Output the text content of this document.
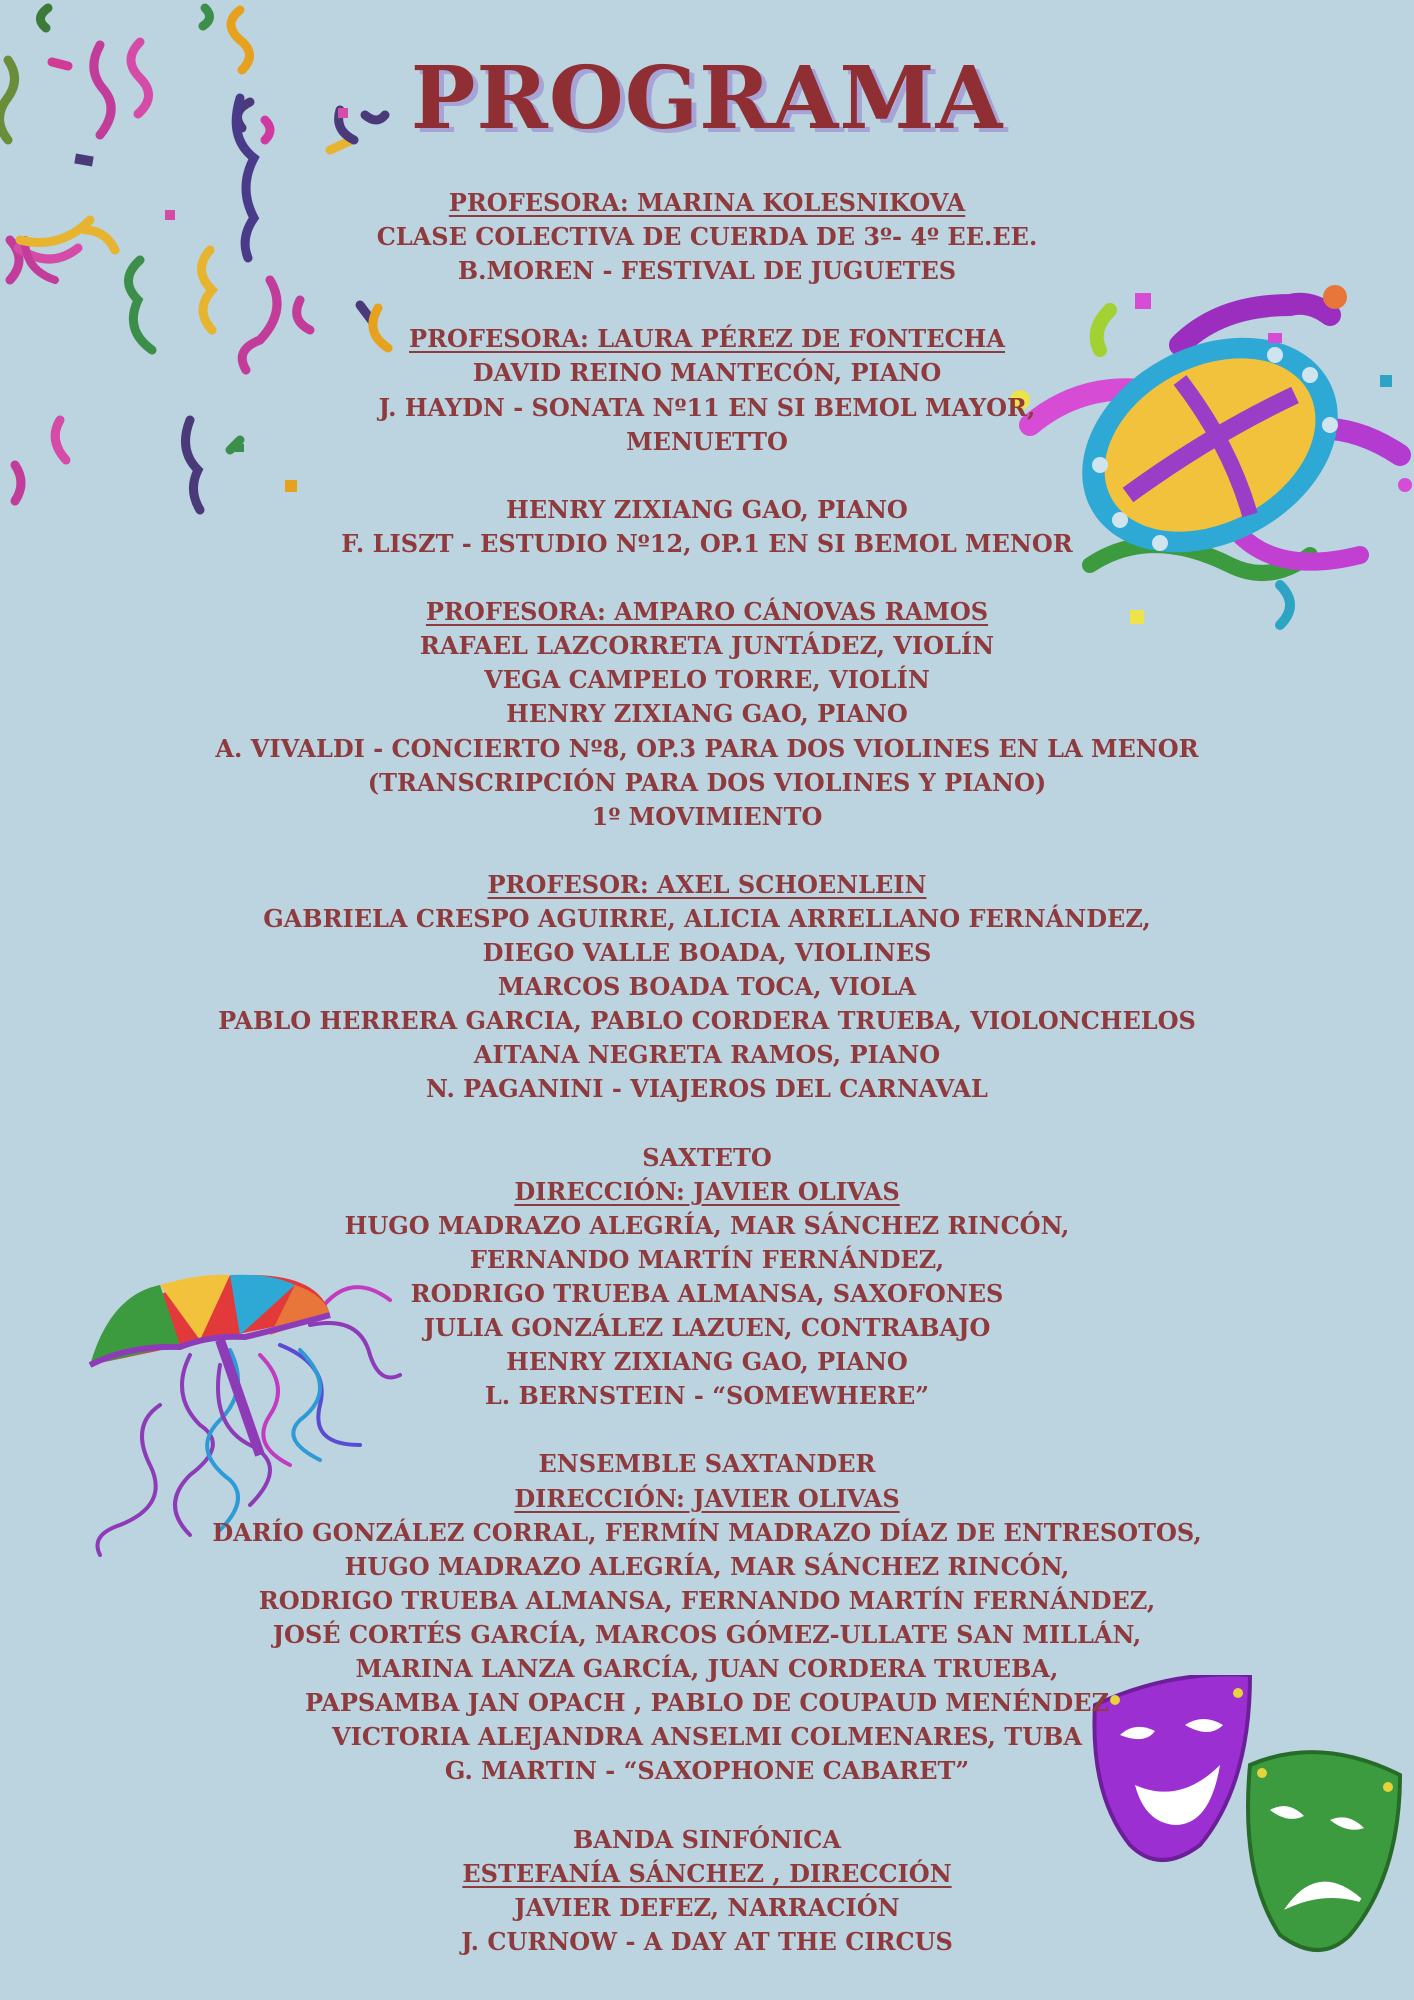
PROGRAMA
PROFESORA: MARINA KOLESNIKOVA
CLASE COLECTIVA DE CUERDA DE 3º- 4º EE.EE.
B.MOREN - FESTIVAL DE JUGUETES
PROFESORA: LAURA PÉREZ DE FONTECHA
DAVID REINO MANTECÓN, PIANO
J. HAYDN - SONATA Nº11 EN SI BEMOL MAYOR,
MENUETTO
HENRY ZIXIANG GAO, PIANO
F. LISZT - ESTUDIO Nº12, OP.1 EN SI BEMOL MENOR
PROFESORA: AMPARO CÁNOVAS RAMOS
RAFAEL LAZCORRETA JUNTÁDEZ, VIOLÍN
VEGA CAMPELO TORRE, VIOLÍN
HENRY ZIXIANG GAO, PIANO
A. VIVALDI - CONCIERTO Nº8, OP.3 PARA DOS VIOLINES EN LA MENOR
(TRANSCRIPCIÓN PARA DOS VIOLINES Y PIANO)
1º MOVIMIENTO
PROFESOR: AXEL SCHOENLEIN
GABRIELA CRESPO AGUIRRE, ALICIA ARRELLANO FERNÁNDEZ,
DIEGO VALLE BOADA, VIOLINES
MARCOS BOADA TOCA, VIOLA
PABLO HERRERA GARCIA, PABLO CORDERA TRUEBA, VIOLONCHELOS
AITANA NEGRETA RAMOS, PIANO
N. PAGANINI - VIAJEROS DEL CARNAVAL
SAXTETO
DIRECCIÓN: JAVIER OLIVAS
HUGO MADRAZO ALEGRÍA, MAR SÁNCHEZ RINCÓN,
FERNANDO MARTÍN FERNÁNDEZ,
RODRIGO TRUEBA ALMANSA, SAXOFONES
JULIA GONZÁLEZ LAZUEN, CONTRABAJO
HENRY ZIXIANG GAO, PIANO
L. BERNSTEIN - “SOMEWHERE”
ENSEMBLE SAXTANDER
DIRECCIÓN: JAVIER OLIVAS
DARÍO GONZÁLEZ CORRAL, FERMÍN MADRAZO DÍAZ DE ENTRESOTOS,
HUGO MADRAZO ALEGRÍA, MAR SÁNCHEZ RINCÓN,
RODRIGO TRUEBA ALMANSA, FERNANDO MARTÍN FERNÁNDEZ,
JOSÉ CORTÉS GARCÍA, MARCOS GÓMEZ-ULLATE SAN MILLÁN,
MARINA LANZA GARCÍA, JUAN CORDERA TRUEBA,
PAPSAMBA JAN OPACH , PABLO DE COUPAUD MENÉNDEZ
VICTORIA ALEJANDRA ANSELMI COLMENARES, TUBA
G. MARTIN - “SAXOPHONE CABARET”
BANDA SINFÓNICA
ESTEFANÍA SÁNCHEZ , DIRECCIÓN
JAVIER DEFEZ, NARRACIÓN
J. CURNOW - A DAY AT THE CIRCUS
